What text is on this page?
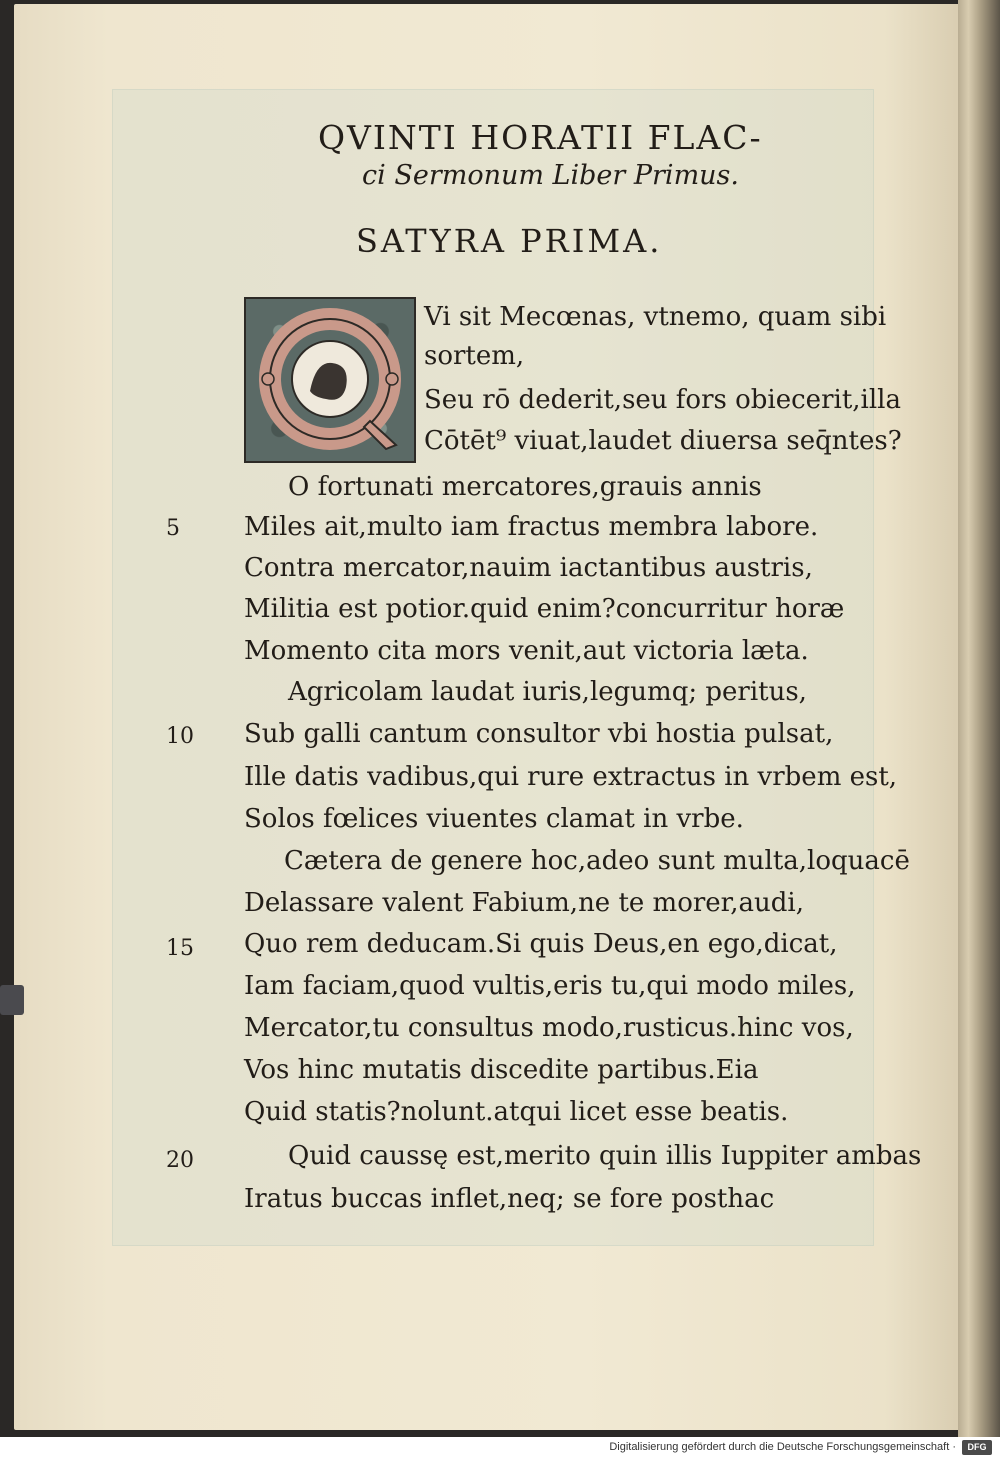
QVINTI HORATII FLAC-
ci Sermonum Liber Primus.
SATYRA PRIMA.
Vi sit Mecœnas, vtnemo, quam sibi
sortem,
Seu rō dederit,seu fors obiecerit,illa
Cōtēt⁹ viuat,laudet diuersa seq̄ntes?
O fortunati mercatores,grauis annis
Miles ait,multo iam fractus membra labore.
Contra mercator,nauim iactantibus austris,
Militia est potior.quid enim?concurritur horæ
Momento cita mors venit,aut victoria læta.
Agricolam laudat iuris,legumq; peritus,
Sub galli cantum consultor vbi hostia pulsat,
Ille datis vadibus,qui rure extractus in vrbem est,
Solos fœlices viuentes clamat in vrbe.
Cætera de genere hoc,adeo sunt multa,loquacē
Delassare valent Fabium,ne te morer,audi,
Quo rem deducam.Si quis Deus,en ego,dicat,
Iam faciam,quod vultis,eris tu,qui modo miles,
Mercator,tu consultus modo,rusticus.hinc vos,
Vos hinc mutatis discedite partibus.Eia
Quid statis?nolunt.atqui licet esse beatis.
Quid caussę est,merito quin illis Iuppiter ambas
Iratus buccas inflet,neq; se fore posthac
5
10
15
20
Digitalisierung gefördert durch die Deutsche Forschungsgemeinschaft ·	DFG
